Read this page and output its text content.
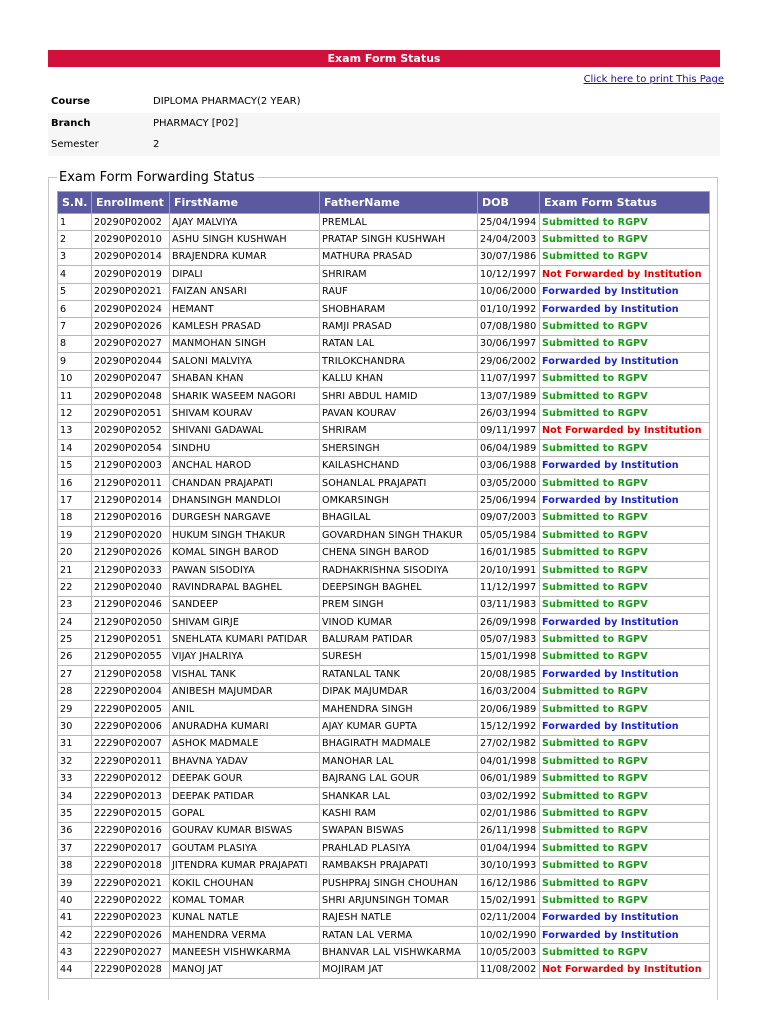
Exam Form Status
Click here to print This Page
Course	DIPLOMA PHARMACY(2 YEAR)
Branch	PHARMACY [P02]
Semester	2
Exam Form Forwarding Status
S.N.	Enrollment	FirstName	FatherName	DOB	Exam Form Status
1	20290P02002	AJAY MALVIYA	PREMLAL	25/04/1994	Submitted to RGPV
2	20290P02010	ASHU SINGH KUSHWAH	PRATAP SINGH KUSHWAH	24/04/2003	Submitted to RGPV
3	20290P02014	BRAJENDRA KUMAR	MATHURA PRASAD	30/07/1986	Submitted to RGPV
4	20290P02019	DIPALI	SHRIRAM	10/12/1997	Not Forwarded by Institution
5	20290P02021	FAIZAN ANSARI	RAUF	10/06/2000	Forwarded by Institution
6	20290P02024	HEMANT	SHOBHARAM	01/10/1992	Forwarded by Institution
7	20290P02026	KAMLESH PRASAD	RAMJI PRASAD	07/08/1980	Submitted to RGPV
8	20290P02027	MANMOHAN SINGH	RATAN LAL	30/06/1997	Submitted to RGPV
9	20290P02044	SALONI MALVIYA	TRILOKCHANDRA	29/06/2002	Forwarded by Institution
10	20290P02047	SHABAN KHAN	KALLU KHAN	11/07/1997	Submitted to RGPV
11	20290P02048	SHARIK WASEEM NAGORI	SHRI ABDUL HAMID	13/07/1989	Submitted to RGPV
12	20290P02051	SHIVAM KOURAV	PAVAN KOURAV	26/03/1994	Submitted to RGPV
13	20290P02052	SHIVANI GADAWAL	SHRIRAM	09/11/1997	Not Forwarded by Institution
14	20290P02054	SINDHU	SHERSINGH	06/04/1989	Submitted to RGPV
15	21290P02003	ANCHAL HAROD	KAILASHCHAND	03/06/1988	Forwarded by Institution
16	21290P02011	CHANDAN PRAJAPATI	SOHANLAL PRAJAPATI	03/05/2000	Submitted to RGPV
17	21290P02014	DHANSINGH MANDLOI	OMKARSINGH	25/06/1994	Forwarded by Institution
18	21290P02016	DURGESH NARGAVE	BHAGILAL	09/07/2003	Submitted to RGPV
19	21290P02020	HUKUM SINGH THAKUR	GOVARDHAN SINGH THAKUR	05/05/1984	Submitted to RGPV
20	21290P02026	KOMAL SINGH BAROD	CHENA SINGH BAROD	16/01/1985	Submitted to RGPV
21	21290P02033	PAWAN SISODIYA	RADHAKRISHNA SISODIYA	20/10/1991	Submitted to RGPV
22	21290P02040	RAVINDRAPAL BAGHEL	DEEPSINGH BAGHEL	11/12/1997	Submitted to RGPV
23	21290P02046	SANDEEP	PREM SINGH	03/11/1983	Submitted to RGPV
24	21290P02050	SHIVAM GIRJE	VINOD KUMAR	26/09/1998	Forwarded by Institution
25	21290P02051	SNEHLATA KUMARI PATIDAR	BALURAM PATIDAR	05/07/1983	Submitted to RGPV
26	21290P02055	VIJAY JHALRIYA	SURESH	15/01/1998	Submitted to RGPV
27	21290P02058	VISHAL TANK	RATANLAL TANK	20/08/1985	Forwarded by Institution
28	22290P02004	ANIBESH MAJUMDAR	DIPAK MAJUMDAR	16/03/2004	Submitted to RGPV
29	22290P02005	ANIL	MAHENDRA SINGH	20/06/1989	Submitted to RGPV
30	22290P02006	ANURADHA KUMARI	AJAY KUMAR GUPTA	15/12/1992	Forwarded by Institution
31	22290P02007	ASHOK MADMALE	BHAGIRATH MADMALE	27/02/1982	Submitted to RGPV
32	22290P02011	BHAVNA YADAV	MANOHAR LAL	04/01/1998	Submitted to RGPV
33	22290P02012	DEEPAK GOUR	BAJRANG LAL GOUR	06/01/1989	Submitted to RGPV
34	22290P02013	DEEPAK PATIDAR	SHANKAR LAL	03/02/1992	Submitted to RGPV
35	22290P02015	GOPAL	KASHI RAM	02/01/1986	Submitted to RGPV
36	22290P02016	GOURAV KUMAR BISWAS	SWAPAN BISWAS	26/11/1998	Submitted to RGPV
37	22290P02017	GOUTAM PLASIYA	PRAHLAD PLASIYA	01/04/1994	Submitted to RGPV
38	22290P02018	JITENDRA KUMAR PRAJAPATI	RAMBAKSH PRAJAPATI	30/10/1993	Submitted to RGPV
39	22290P02021	KOKIL CHOUHAN	PUSHPRAJ SINGH CHOUHAN	16/12/1986	Submitted to RGPV
40	22290P02022	KOMAL TOMAR	SHRI ARJUNSINGH TOMAR	15/02/1991	Submitted to RGPV
41	22290P02023	KUNAL NATLE	RAJESH NATLE	02/11/2004	Forwarded by Institution
42	22290P02026	MAHENDRA VERMA	RATAN LAL VERMA	10/02/1990	Forwarded by Institution
43	22290P02027	MANEESH VISHWKARMA	BHANVAR LAL VISHWKARMA	10/05/2003	Submitted to RGPV
44	22290P02028	MANOJ JAT	MOJIRAM JAT	11/08/2002	Not Forwarded by Institution
